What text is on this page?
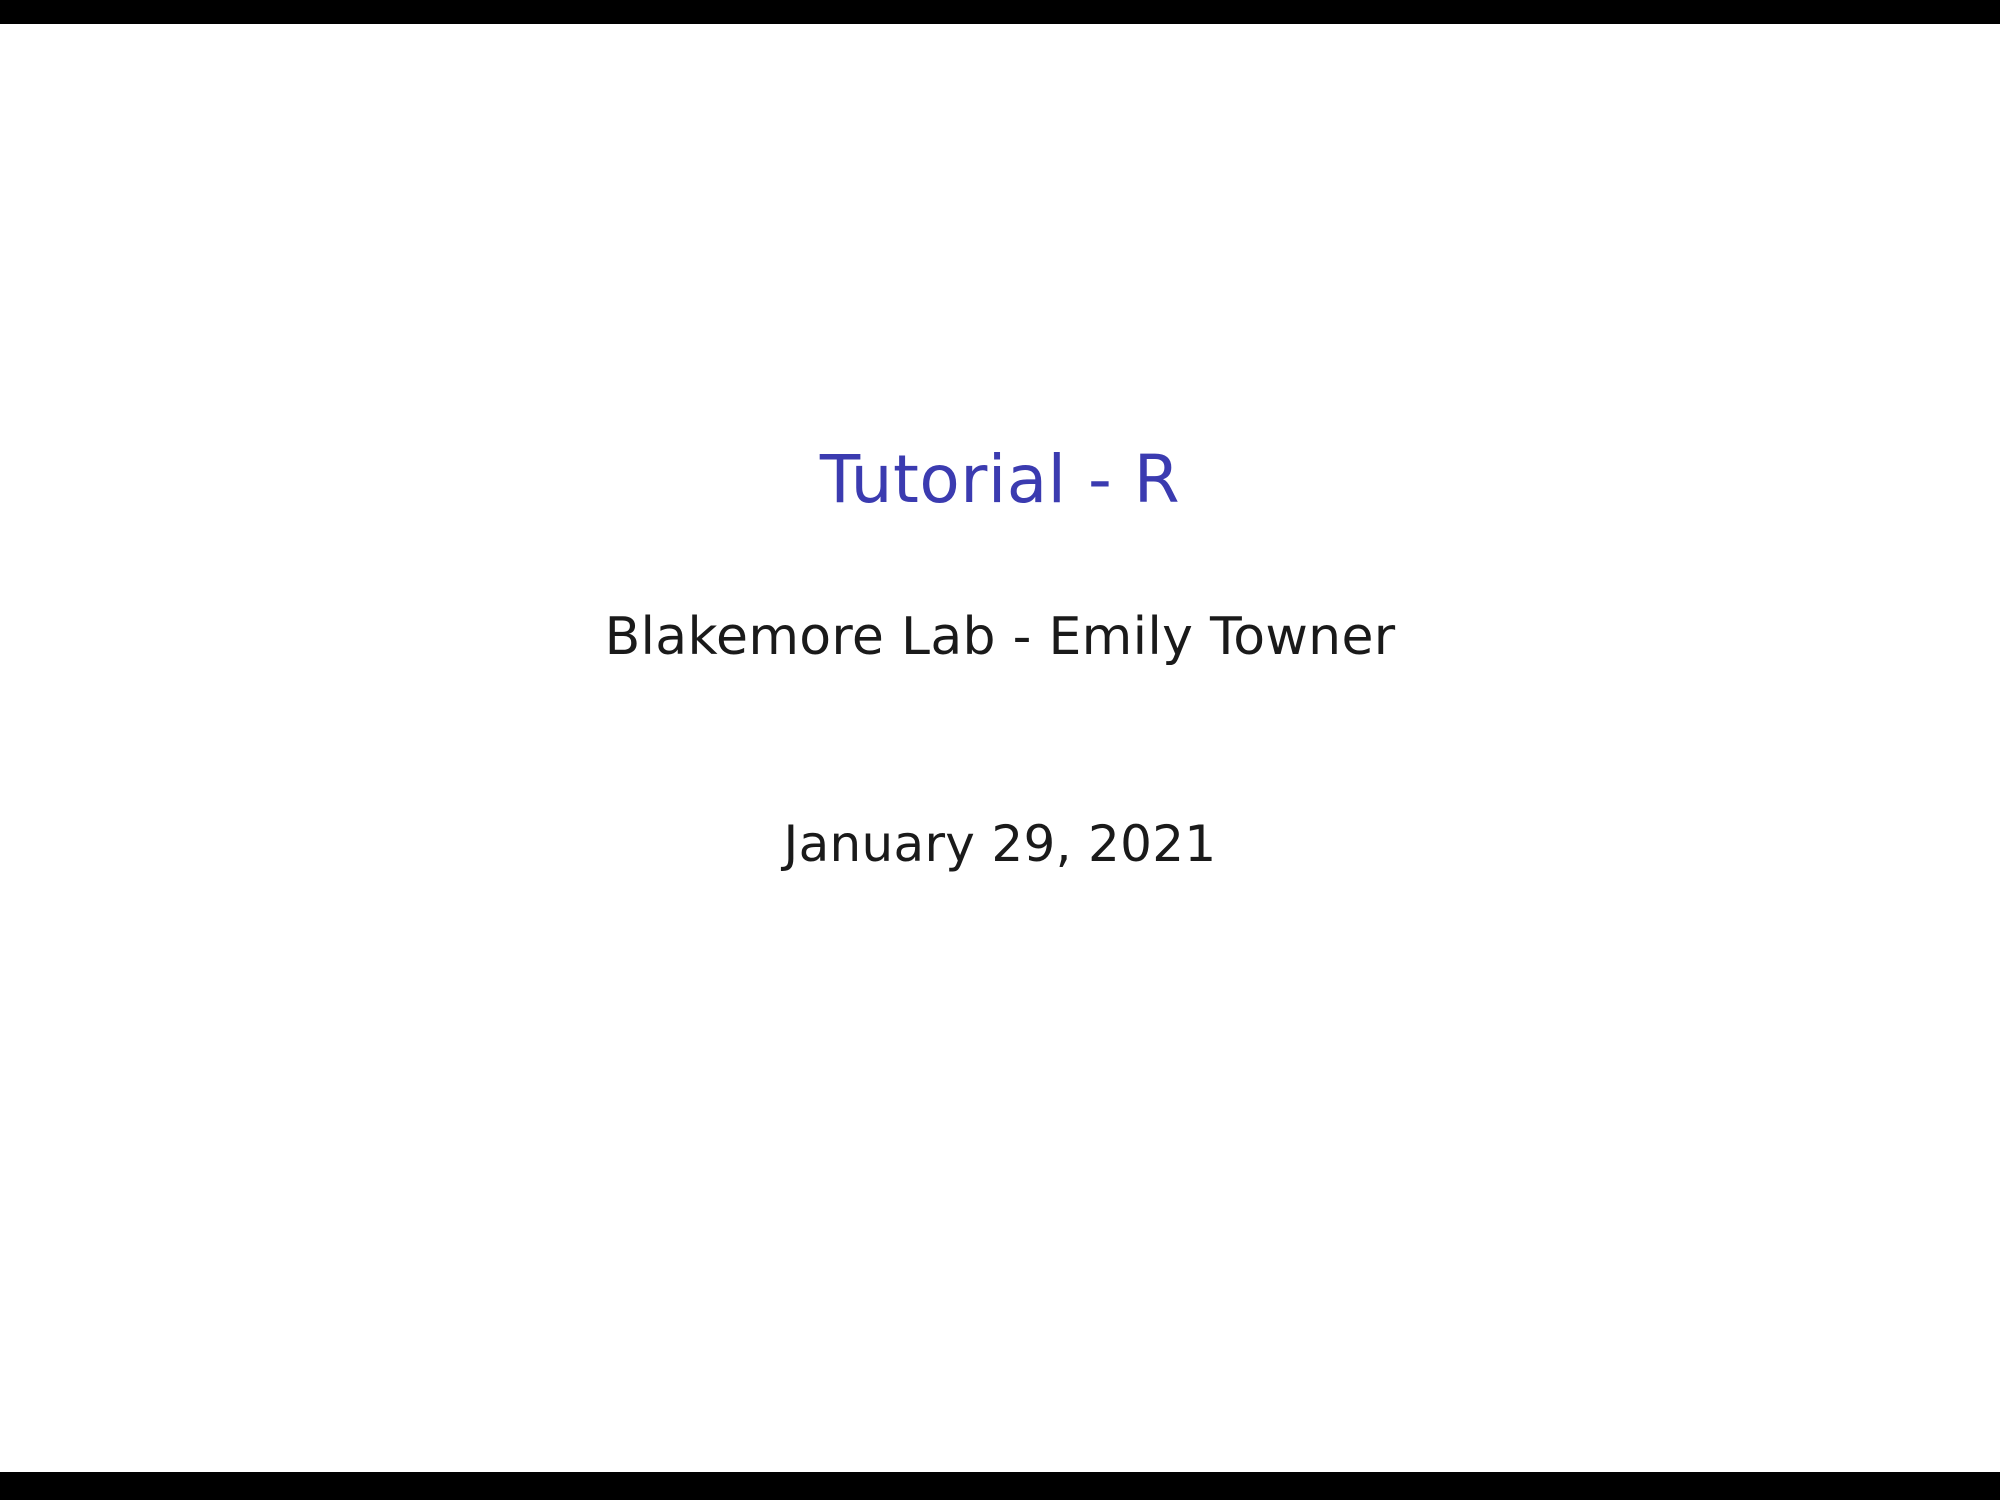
Tutorial - R
Blakemore Lab - Emily Towner
January 29, 2021
